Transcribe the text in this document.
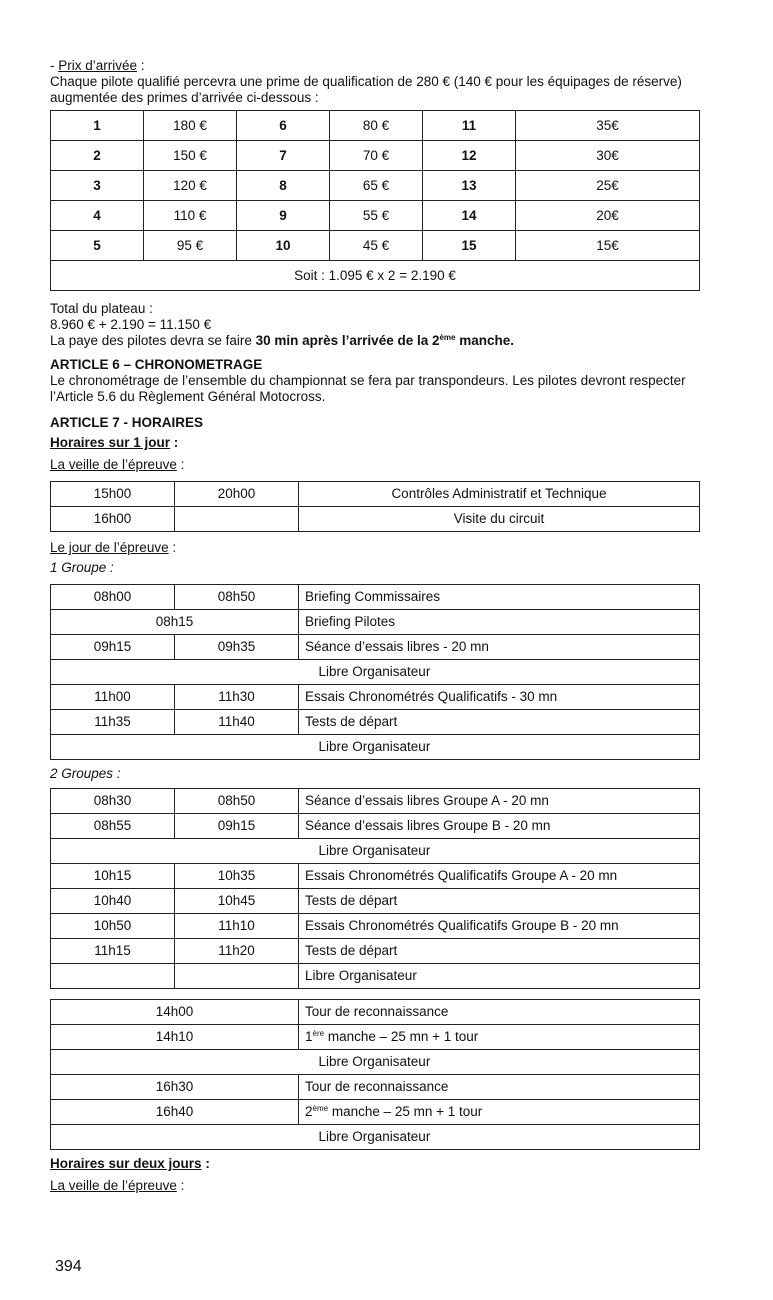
- Prix d’arrivée :

Chaque pilote qualifié percevra une prime de qualification de 280 € (140 € pour les équipages de réserve) augmentée des primes d’arrivée ci-dessous :

1	180 €	6	80 €	11	35€
2	150 €	7	70 €	12	30€
3	120 €	8	65 €	13	25€
4	110 €	9	55 €	14	20€
5	95 €	10	45 €	15	15€
Soit : 1.095 € x 2 = 2.190 €					

Total du plateau :

8.960 € + 2.190 = 11.150 €

La paye des pilotes devra se faire 30 min après l’arrivée de la 2ème manche.

ARTICLE 6 – CHRONOMETRAGE

Le chronométrage de l’ensemble du championnat se fera par transpondeurs. Les pilotes devront respecter l’Article 5.6 du Règlement Général Motocross.

ARTICLE 7 - HORAIRES

Horaires sur 1 jour :

La veille de l’épreuve :

15h00	20h00	Contrôles Administratif et Technique
16h00		Visite du circuit

Le jour de l’épreuve :

1 Groupe :

08h00	08h50	Briefing Commissaires
08h15		Briefing Pilotes
09h15	09h35	Séance d’essais libres - 20 mn
		Libre Organisateur
11h00	11h30	Essais Chronométrés Qualificatifs - 30 mn
11h35	11h40	Tests de départ
		Libre Organisateur

2 Groupes :

08h30	08h50	Séance d’essais libres Groupe A - 20 mn
08h55	09h15	Séance d’essais libres Groupe B - 20 mn
		Libre Organisateur
10h15	10h35	Essais Chronométrés Qualificatifs Groupe A - 20 mn
10h40	10h45	Tests de départ
10h50	11h10	Essais Chronométrés Qualificatifs Groupe B - 20 mn
11h15	11h20	Tests de départ
		Libre Organisateur
14h00	Tour de reconnaissance
14h10	1ère manche – 25 mn + 1 tour
	Libre Organisateur
16h30	Tour de reconnaissance
16h40	2ème manche – 25 mn + 1 tour
	Libre Organisateur

Horaires sur deux jours :

La veille de l’épreuve :

394
